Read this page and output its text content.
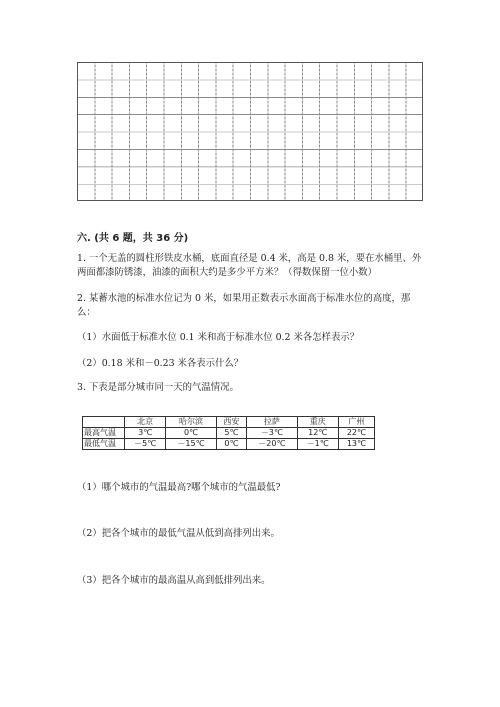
六. (共 6 题，共 36 分)

1. 一个无盖的圆柱形铁皮水桶，底面直径是 0.4 米，高是 0.8 米，要在水桶里、外两面都漆防锈漆，油漆的面积大约是多少平方米？（得数保留一位小数）

2. 某蓄水池的标准水位记为 0 米，如果用正数表示水面高于标准水位的高度，那么：

（1）水面低于标准水位 0.1 米和高于标准水位 0.2 米各怎样表示？

（2）0.18 米和－0.23 米各表示什么？

3. 下表是部分城市同一天的气温情况。

	北京	哈尔滨	西安	拉萨	重庆	广州
最高气温	3℃	0℃	5℃	－3℃	12℃	22℃
最低气温	－5℃	－15℃	0℃	－20℃	－1℃	13℃

（1）哪个城市的气温最高?哪个城市的气温最低?

（2）把各个城市的最低气温从低到高排列出来。

（3）把各个城市的最高温从高到低排列出来。
